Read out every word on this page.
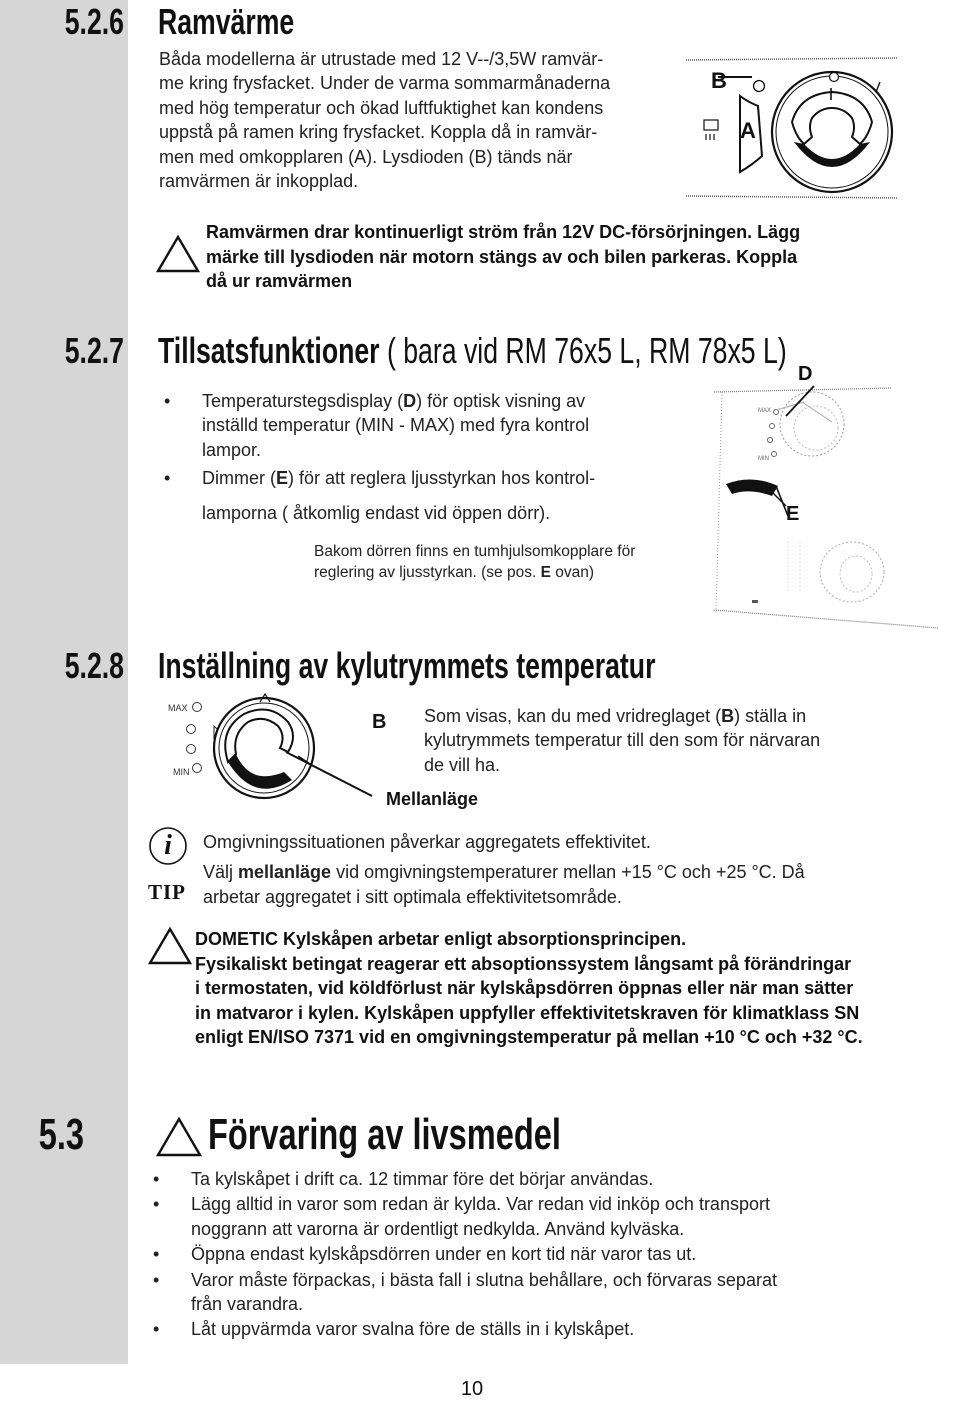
5.2.6 Ramvärme
Båda modellerna är utrustade med 12 V--/3,5W ramvär-
me kring frysfacket. Under de varma sommarmånaderna
med hög temperatur och ökad luftfuktighet kan kondens
uppstå på ramen kring frysfacket. Koppla då in ramvär-
men med omkopplaren (A). Lysdioden (B) tänds när
ramvärmen är inkopplad.
B
A
Ramvärmen drar kontinuerligt ström från 12V DC-försörjningen. Lägg
märke till lysdioden när motorn stängs av och bilen parkeras. Koppla
då ur ramvärmen
5.2.7 Tillsatsfunktioner ( bara vid RM 76x5 L, RM 78x5 L)
• Temperaturstegsdisplay (D) för optisk visning av
inställd temperatur (MIN - MAX) med fyra kontrol
lampor.
• Dimmer (E) för att reglera ljusstyrkan hos kontrol-
lamporna ( åtkomlig endast vid öppen dörr).
Bakom dörren finns en tumhjulsomkopplare för
reglering av ljusstyrkan. (se pos. E ovan)
MAX
MIN
D
E
5.2.8 Inställning av kylutrymmets temperatur
MAX
MIN
B
Mellanläge
Som visas, kan du med vridreglaget (B) ställa in
kylutrymmets temperatur till den som för närvaran
de vill ha.
i
TIP
Omgivningssituationen påverkar aggregatets effektivitet.
Välj mellanläge vid omgivningstemperaturer mellan +15 °C och +25 °C. Då
arbetar aggregatet i sitt optimala effektivitetsområde.
DOMETIC Kylskåpen arbetar enligt absorptionsprincipen.
Fysikaliskt betingat reagerar ett absoptionssystem långsamt på förändringar
i termostaten, vid köldförlust när kylskåpsdörren öppnas eller när man sätter
in matvaror i kylen. Kylskåpen uppfyller effektivitetskraven för klimatklass SN
enligt EN/ISO 7371 vid en omgivningstemperatur på mellan +10 °C och +32 °C.
5.3	Förvaring av livsmedel
• Ta kylskåpet i drift ca. 12 timmar före det börjar användas.
• Lägg alltid in varor som redan är kylda. Var redan vid inköp och transport
noggrann att varorna är ordentligt nedkylda. Använd kylväska.
• Öppna endast kylskåpsdörren under en kort tid när varor tas ut.
• Varor måste förpackas, i bästa fall i slutna behållare, och förvaras separat
från varandra.
• Låt uppvärmda varor svalna före de ställs in i kylskåpet.
10
